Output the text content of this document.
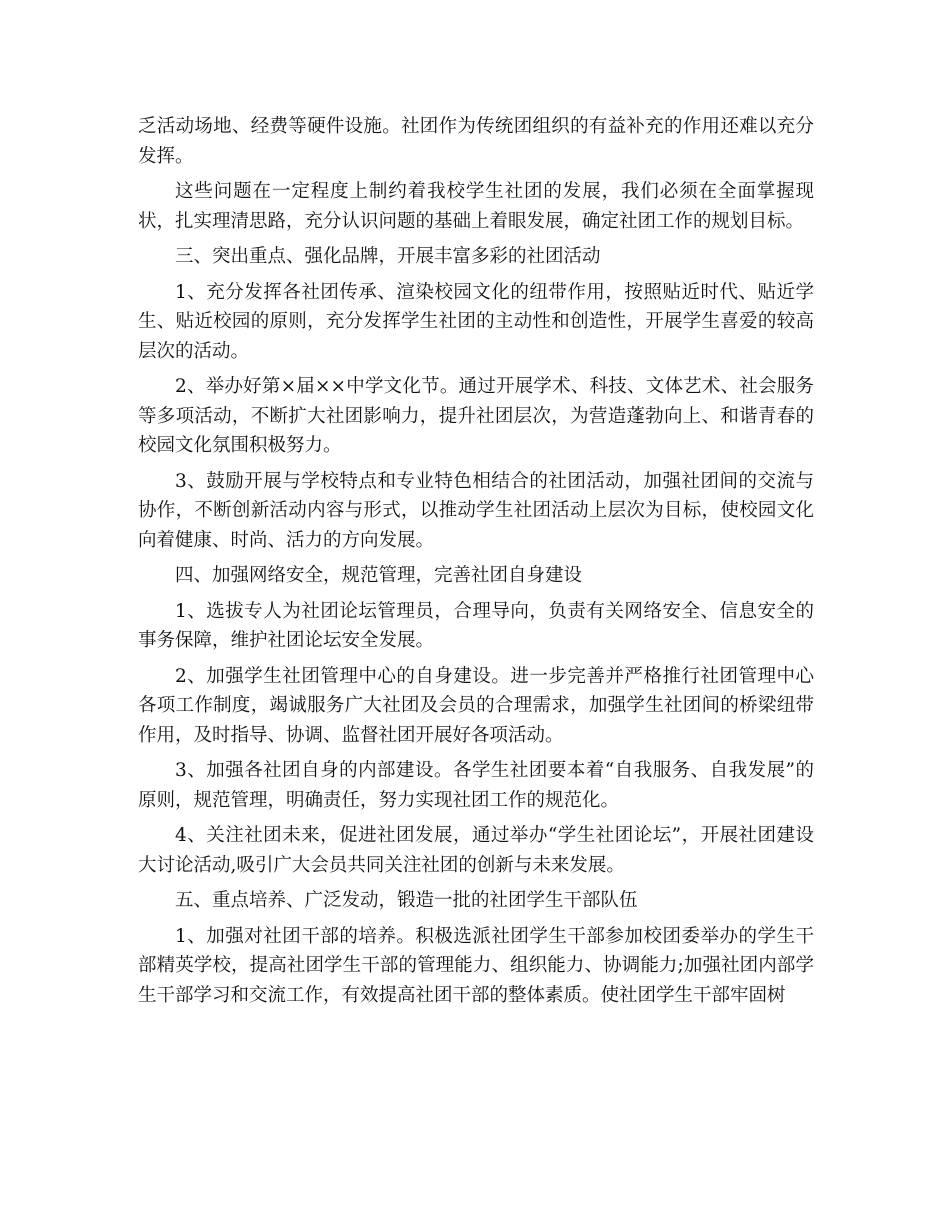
乏活动场地、经费等硬件设施。社团作为传统团组织的有益补充的作用还难以充分发挥。

这些问题在一定程度上制约着我校学生社团的发展，我们必须在全面掌握现状，扎实理清思路，充分认识问题的基础上着眼发展，确定社团工作的规划目标。

三、突出重点、强化品牌，开展丰富多彩的社团活动

1、充分发挥各社团传承、渲染校园文化的纽带作用，按照贴近时代、贴近学生、贴近校园的原则，充分发挥学生社团的主动性和创造性，开展学生喜爱的较高层次的活动。

2、举办好第×届××中学文化节。通过开展学术、科技、文体艺术、社会服务等多项活动，不断扩大社团影响力，提升社团层次，为营造蓬勃向上、和谐青春的校园文化氛围积极努力。

3、鼓励开展与学校特点和专业特色相结合的社团活动，加强社团间的交流与协作，不断创新活动内容与形式，以推动学生社团活动上层次为目标，使校园文化向着健康、时尚、活力的方向发展。

四、加强网络安全，规范管理，完善社团自身建设

1、选拔专人为社团论坛管理员，合理导向，负责有关网络安全、信息安全的事务保障，维护社团论坛安全发展。

2、加强学生社团管理中心的自身建设。进一步完善并严格推行社团管理中心各项工作制度，竭诚服务广大社团及会员的合理需求，加强学生社团间的桥梁纽带作用，及时指导、协调、监督社团开展好各项活动。

3、加强各社团自身的内部建设。各学生社团要本着“自我服务、自我发展”的原则，规范管理，明确责任，努力实现社团工作的规范化。

4、关注社团未来，促进社团发展，通过举办“学生社团论坛”，开展社团建设大讨论活动,吸引广大会员共同关注社团的创新与未来发展。

五、重点培养、广泛发动，锻造一批的社团学生干部队伍

1、加强对社团干部的培养。积极选派社团学生干部参加校团委举办的学生干部精英学校，提高社团学生干部的管理能力、组织能力、协调能力;加强社团内部学生干部学习和交流工作，有效提高社团干部的整体素质。使社团学生干部牢固树
